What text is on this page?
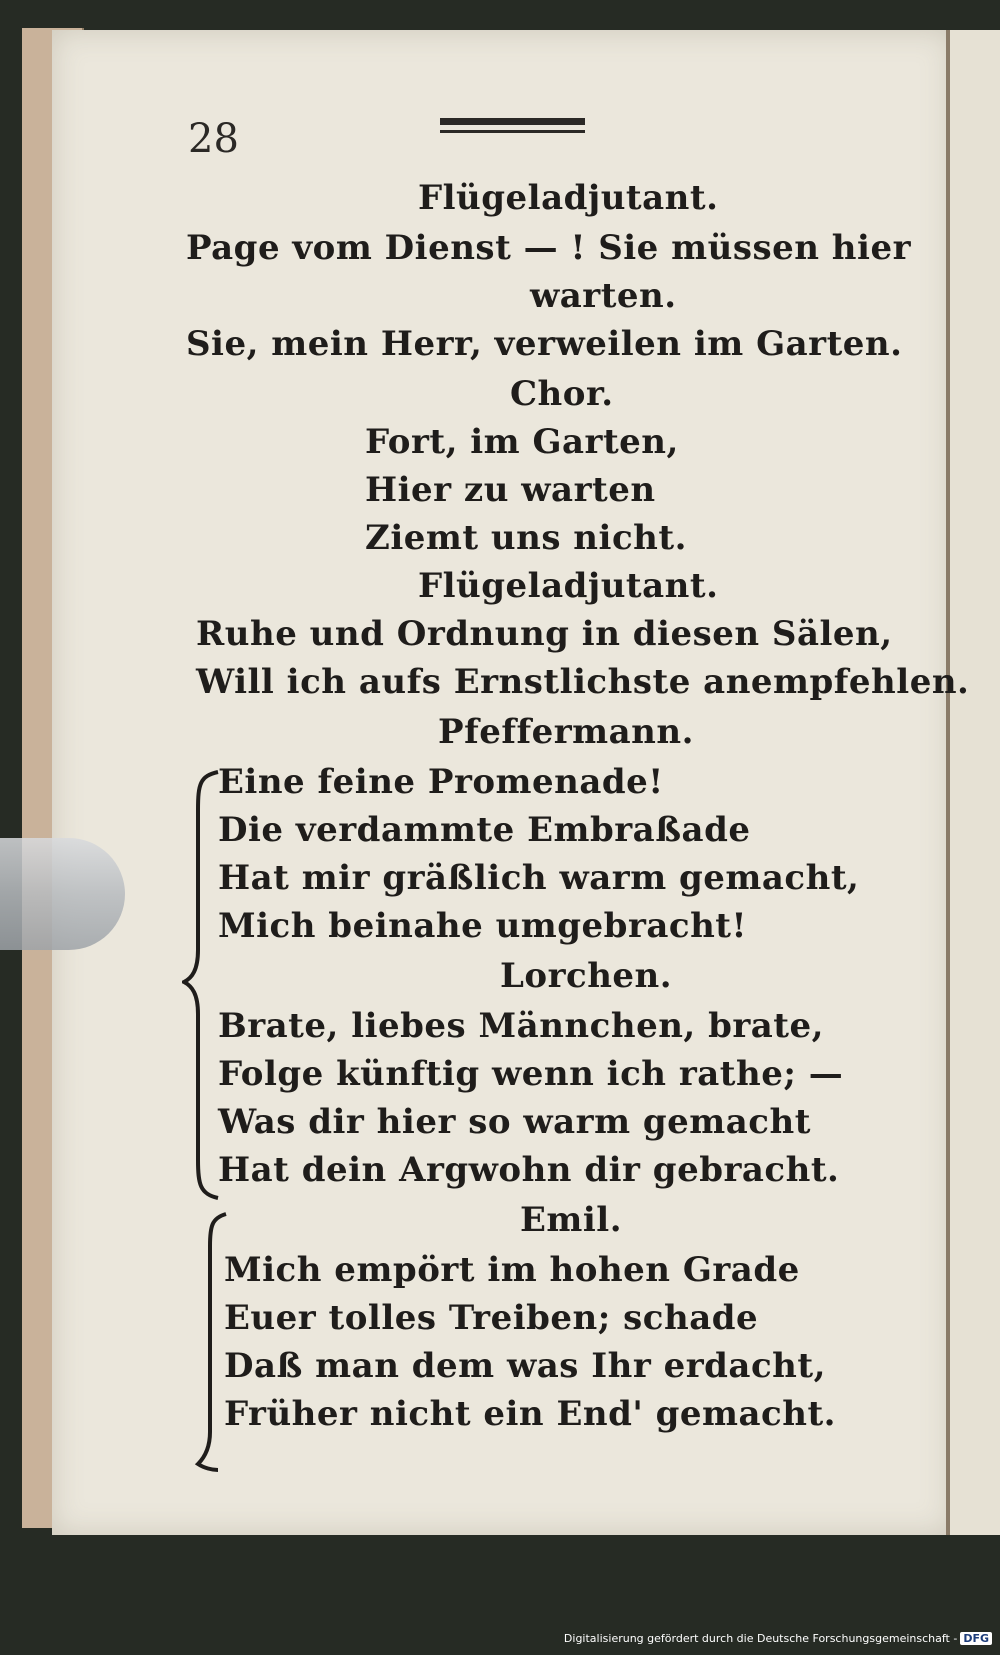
28
Flügeladjutant.
Page vom Dienst — ! Sie müssen hier
warten.
Sie, mein Herr, verweilen im Garten.
Chor.
Fort, im Garten,
Hier zu warten
Ziemt uns nicht.
Flügeladjutant.
Ruhe und Ordnung in diesen Sälen,
Will ich aufs Ernstlichste anempfehlen.
Pfeffermann.
Eine feine Promenade!
Die verdammte Embraßade
Hat mir gräßlich warm gemacht,
Mich beinahe umgebracht!
Lorchen.
Brate, liebes Männchen, brate,
Folge künftig wenn ich rathe; —
Was dir hier so warm gemacht
Hat dein Argwohn dir gebracht.
Emil.
Mich empört im hohen Grade
Euer tolles Treiben; schade
Daß man dem was Ihr erdacht,
Früher nicht ein End' gemacht.
Digitalisierung gefördert durch die Deutsche Forschungsgemeinschaft - DFG
